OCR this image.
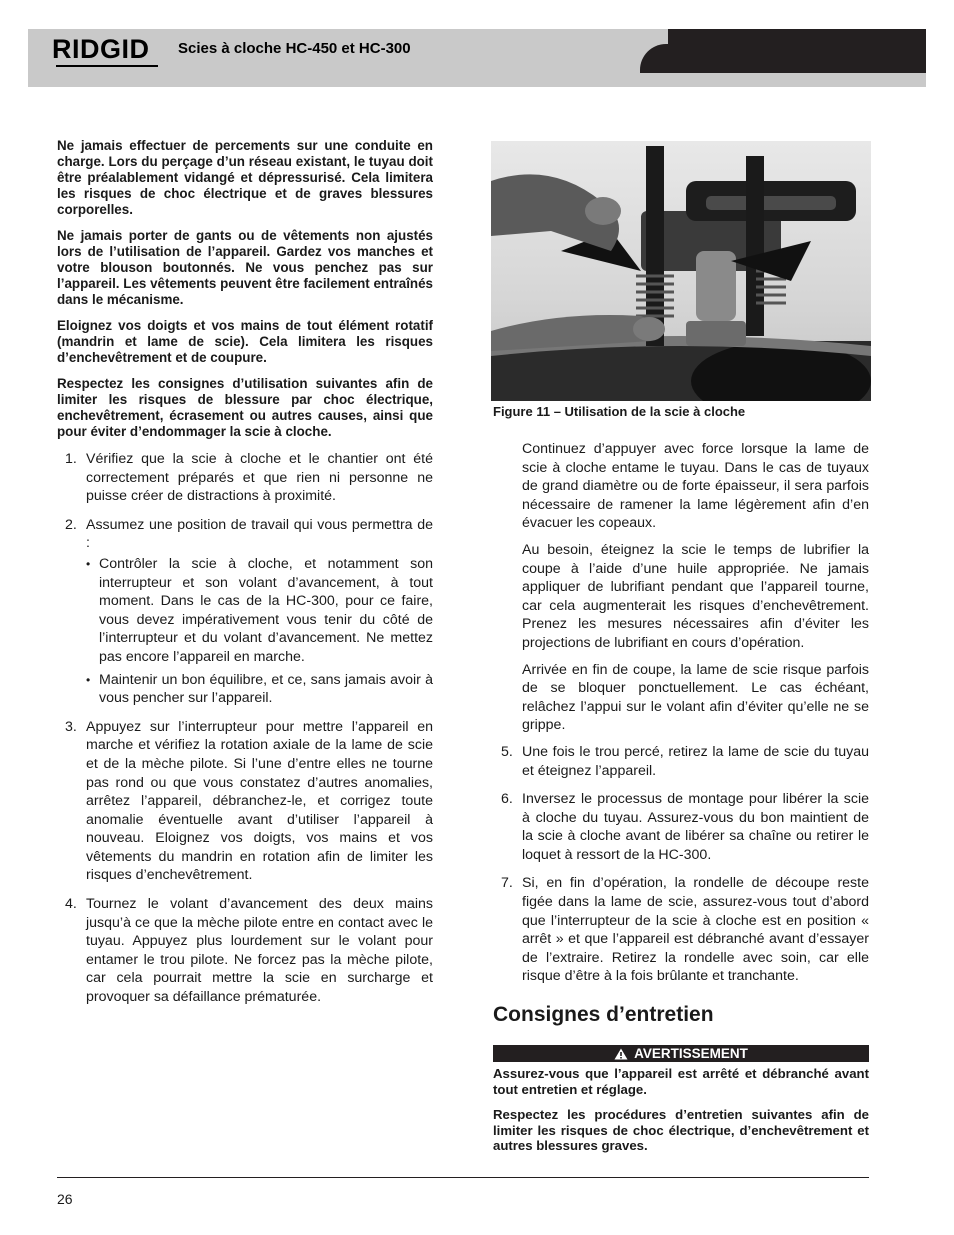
RIDGID Scies à cloche HC-450 et HC-300

Ne jamais effectuer de percements sur une conduite en charge. Lors du perçage d’un réseau existant, le tuyau doit être préalablement vidangé et dépressurisé. Cela limitera les risques de choc électrique et de graves blessures corporelles.

Ne jamais porter de gants ou de vêtements non ajustés lors de l’utilisation de l’appareil. Gardez vos manches et votre blouson boutonnés. Ne vous penchez pas sur l’appareil. Les vêtements peuvent être facilement entraînés dans le mécanisme.

Eloignez vos doigts et vos mains de tout élément rotatif (mandrin et lame de scie). Cela limitera les risques d’enchevêtrement et de coupure.

Respectez les consignes d’utilisation suivantes afin de limiter les risques de blessure par choc électrique, enchevêtrement, écrasement ou autres causes, ainsi que pour éviter d’endommager la scie à cloche.

1. Vérifiez que la scie à cloche et le chantier ont été correctement préparés et que rien ni personne ne puisse créer de distractions à proximité.
2. Assumez une position de travail qui vous permettra de :
• Contrôler la scie à cloche, et notamment son interrupteur et son volant d’avancement, à tout moment. Dans le cas de la HC-300, pour ce faire, vous devez impérativement vous tenir du côté de l’interrupteur et du volant d’avancement. Ne mettez pas encore l’appareil en marche.
• Maintenir un bon équilibre, et ce, sans jamais avoir à vous pencher sur l’appareil.
3. Appuyez sur l’interrupteur pour mettre l’appareil en marche et vérifiez la rotation axiale de la lame de scie et de la mèche pilote. Si l’une d’entre elles ne tourne pas rond ou que vous constatez d’autres anomalies, arrêtez l’appareil, débranchez-le, et corrigez toute anomalie éventuelle avant d’utiliser l’appareil à nouveau. Eloignez vos doigts, vos mains et vos vêtements du mandrin en rotation afin de limiter les risques d’enchevêtrement.
4. Tournez le volant d’avancement des deux mains jusqu’à ce que la mèche pilote entre en contact avec le tuyau. Appuyez plus lourdement sur le volant pour entamer le trou pilote. Ne forcez pas la mèche pilote, car cela pourrait mettre la scie en surcharge et provoquer sa défaillance prématurée.
Figure 11 – Utilisation de la scie à cloche

Continuez d’appuyer avec force lorsque la lame de scie à cloche entame le tuyau. Dans le cas de tuyaux de grand diamètre ou de forte épaisseur, il sera parfois nécessaire de ramener la lame légèrement afin d’en évacuer les copeaux.

Au besoin, éteignez la scie le temps de lubrifier la coupe à l’aide d’une huile appropriée. Ne jamais appliquer de lubrifiant pendant que l’appareil tourne, car cela augmenterait les risques d’enchevêtrement. Prenez les mesures nécessaires afin d’éviter les projections de lubrifiant en cours d’opération.

Arrivée en fin de coupe, la lame de scie risque parfois de se bloquer ponctuellement. Le cas échéant, relâchez l’appui sur le volant afin d’éviter qu’elle ne se grippe.

5. Une fois le trou percé, retirez la lame de scie du tuyau et éteignez l’appareil.
6. Inversez le processus de montage pour libérer la scie à cloche du tuyau. Assurez-vous du bon maintient de la scie à cloche avant de libérer sa chaîne ou retirer le loquet à ressort de la HC-300.
7. Si, en fin d’opération, la rondelle de découpe reste figée dans la lame de scie, assurez-vous tout d’abord que l’interrupteur de la scie à cloche est en position « arrêt » et que l’appareil est débranché avant d’essayer de l’extraire. Retirez la rondelle avec soin, car elle risque d’être à la fois brûlante et tranchante.
Consignes d’entretien
AVERTISSEMENT

Assurez-vous que l’appareil est arrêté et débranché avant tout entretien et réglage.

Respectez les procédures d’entretien suivantes afin de limiter les risques de choc électrique, d’enchevêtrement et autres blessures graves.

26
